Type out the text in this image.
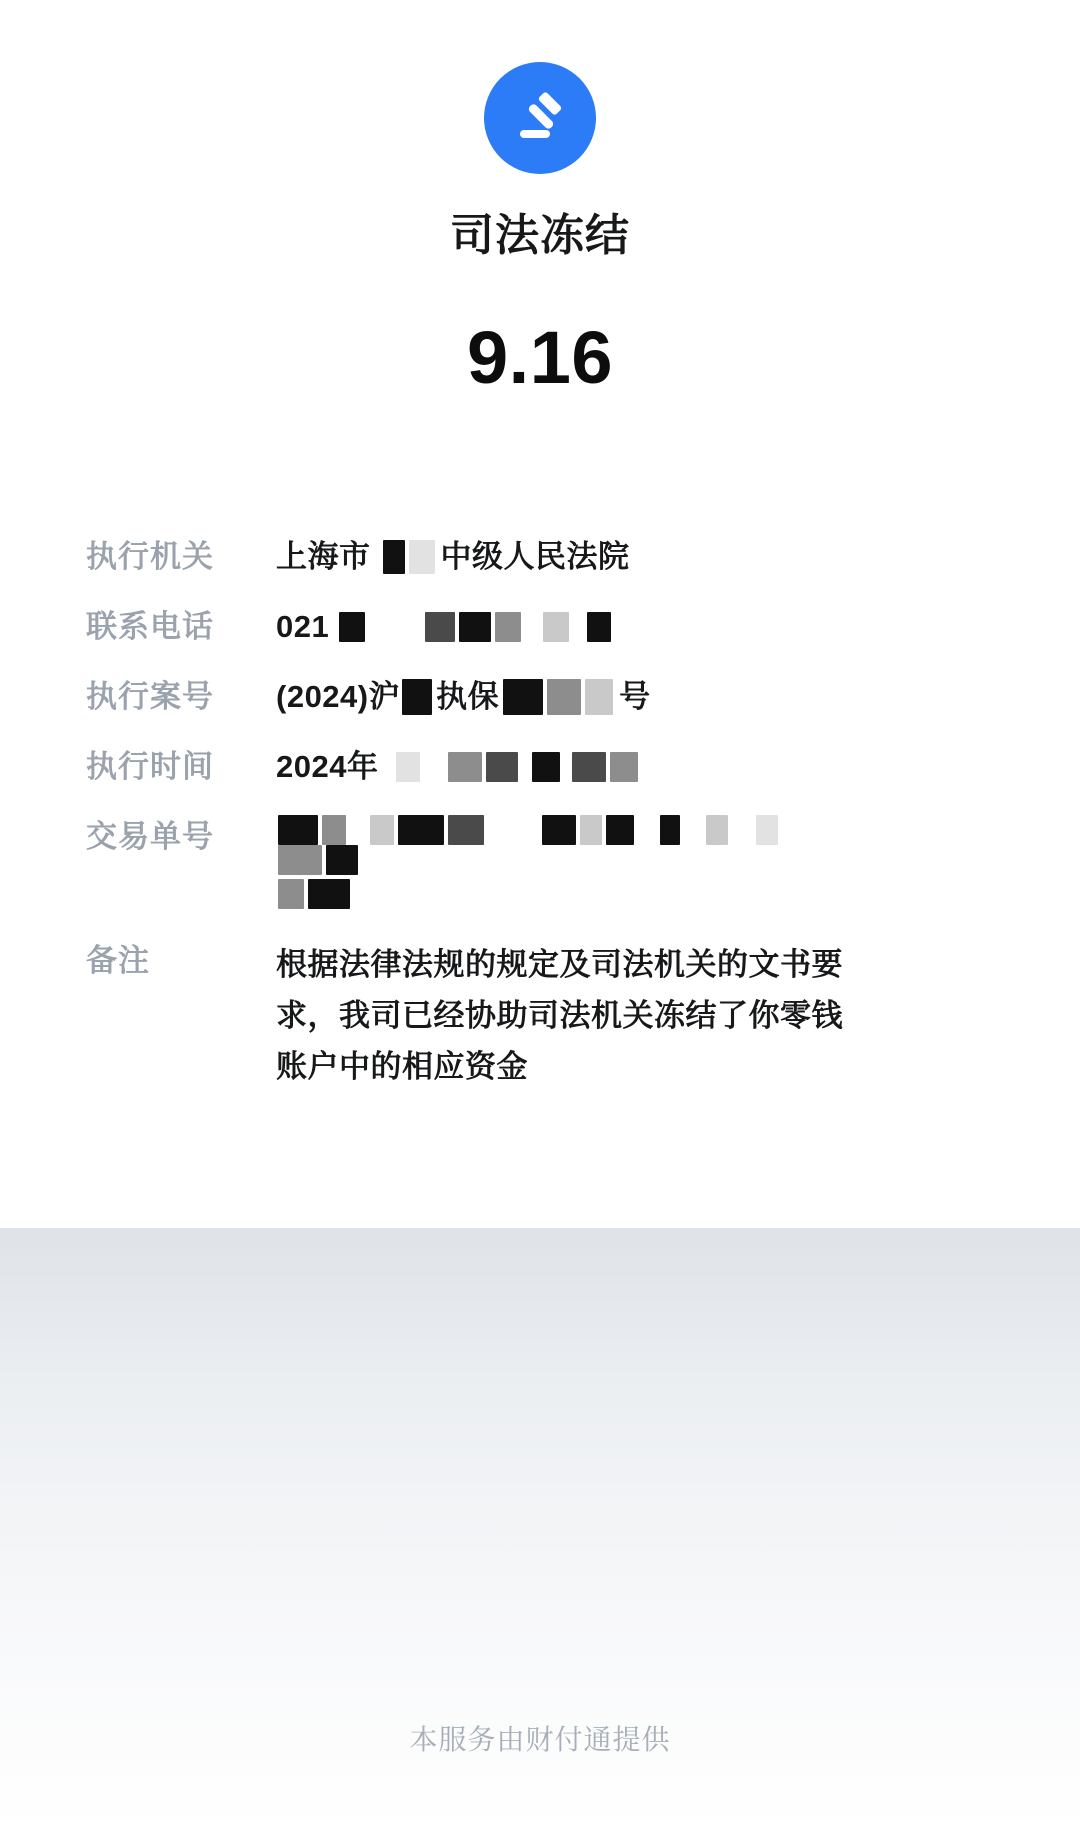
司法冻结
9.16
执行机关	上海市 中级人民法院
联系电话	021
执行案号	(2024)沪 执保	号
执行时间	2024年
交易单号
备注	根据法律法规的规定及司法机关的文书要求，我司已经协助司法机关冻结了你零钱账户中的相应资金
本服务由财付通提供
